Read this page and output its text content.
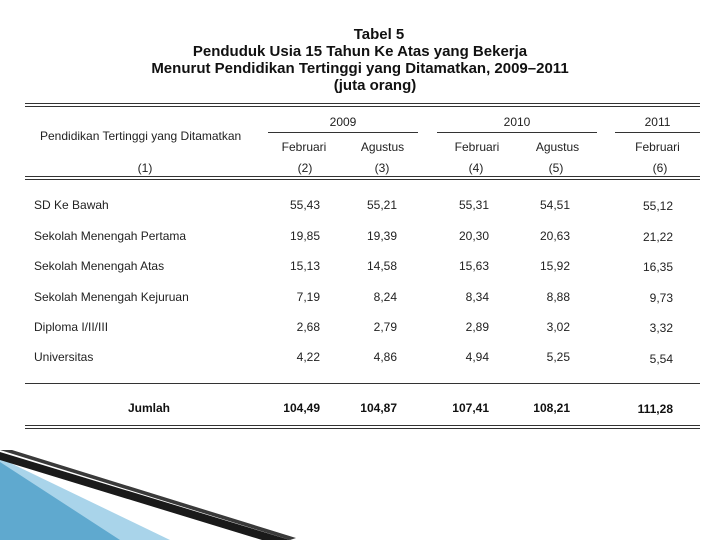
Tabel 5
Penduduk Usia 15 Tahun Ke Atas yang Bekerja
Menurut Pendidikan Tertinggi yang Ditamatkan, 2009–2011
(juta orang)
Pendidikan Tertinggi yang Ditamatkan
2009	2010	2011
Februari	Agustus	Februari	Agustus	Februari
(1)	(2)	(3)	(4)	(5)	(6)
SD Ke Bawah	55,43	55,21	55,31	54,51	55,12
Sekolah Menengah Pertama	19,85	19,39	20,30	20,63	21,22
Sekolah Menengah Atas	15,13	14,58	15,63	15,92	16,35
Sekolah Menengah Kejuruan	7,19	8,24	8,34	8,88	9,73
Diploma I/II/III	2,68	2,79	2,89	3,02	3,32
Universitas	4,22	4,86	4,94	5,25	5,54
Jumlah	104,49	104,87	107,41	108,21	111,28
